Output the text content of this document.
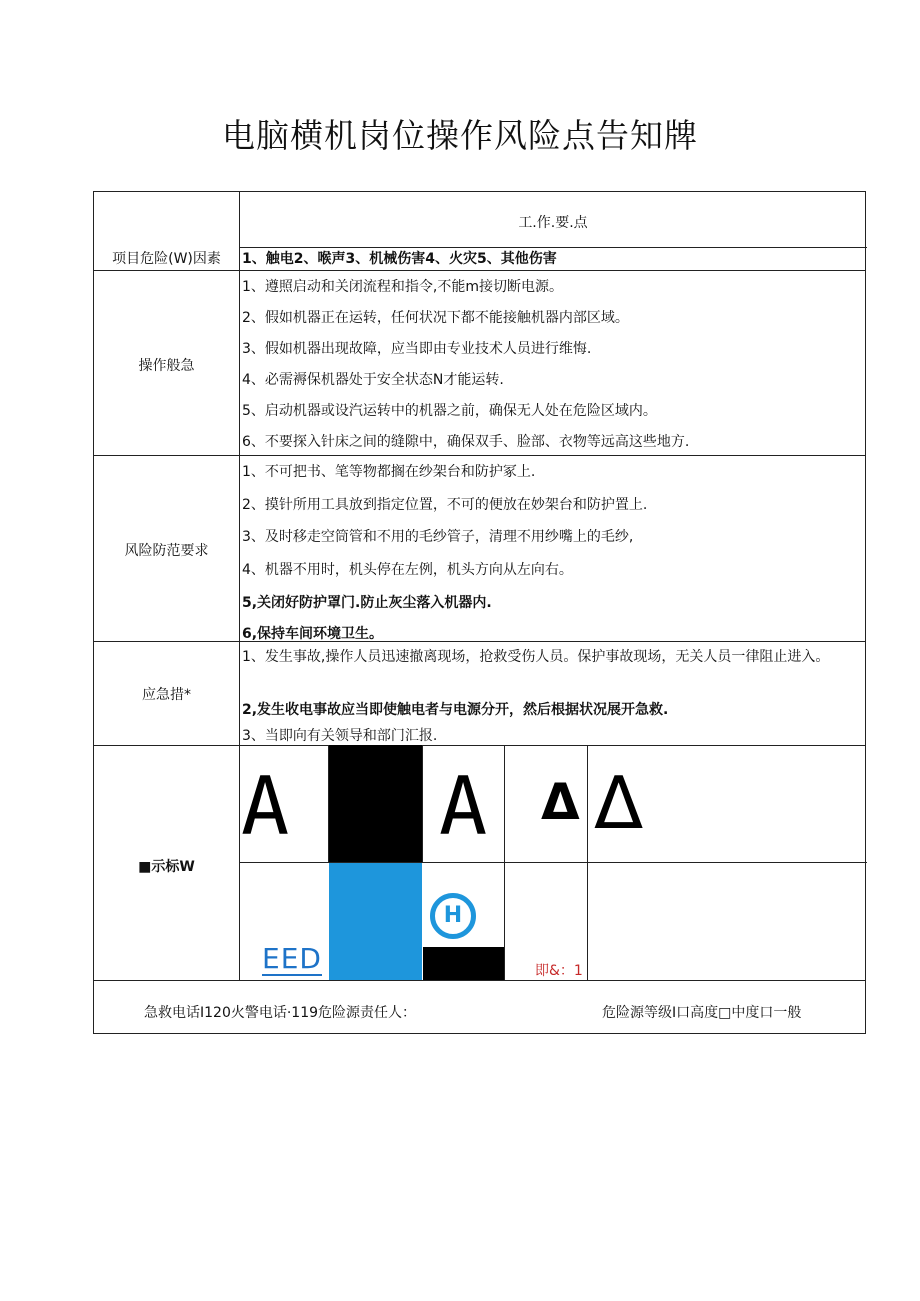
电脑横机岗位操作风险点告知牌
工.作.要.点
项目危险(W)因素	1、触电2、喉声3、机械伤害4、火灾5、其他伤害
操作般急
1、遵照启动和关闭流程和指令,不能m接切断电源。
2、假如机器正在运转，任何状况下都不能接触机器内部区域。
3、假如机器出现故障，应当即由专业技术人员进行维悔.
4、必需褥保机器处于安全状态N才能运转.
5、启动机器或设汽运转中的机器之前，确保无人处在危险区域内。
6、不要探入针床之间的缝隙中，确保双手、脸部、衣物等远高这些地方.
风险防范要求
1、不可把书、笔等物都搁在纱架台和防护冢上.
2、摸针所用工具放到指定位置，不可的便放在妙架台和防护置上.
3、及时移走空筒管和不用的毛纱管子，清理不用纱嘴上的毛纱,
4、机器不用时，机头停在左例，机头方向从左向右。
5,关闭好防护罩门.防止灰尘落入机器内.
6,保持车间环境卫生。
应急措*
1、发生事故,操作人员迅速撤离现场，抢救受伤人员。保护事故现场，无关人员一律阻止进入。
2,发生收电事故应当即使触电者与电源分开，然后根据状况展开急救.
3、当即向有关领导和部门汇报.
■示标W
A A Δ Δ
EED
H
即&：1
急救电话I120火警电话·119危险源责任人：	危险源等级I口高度□中度口一般
